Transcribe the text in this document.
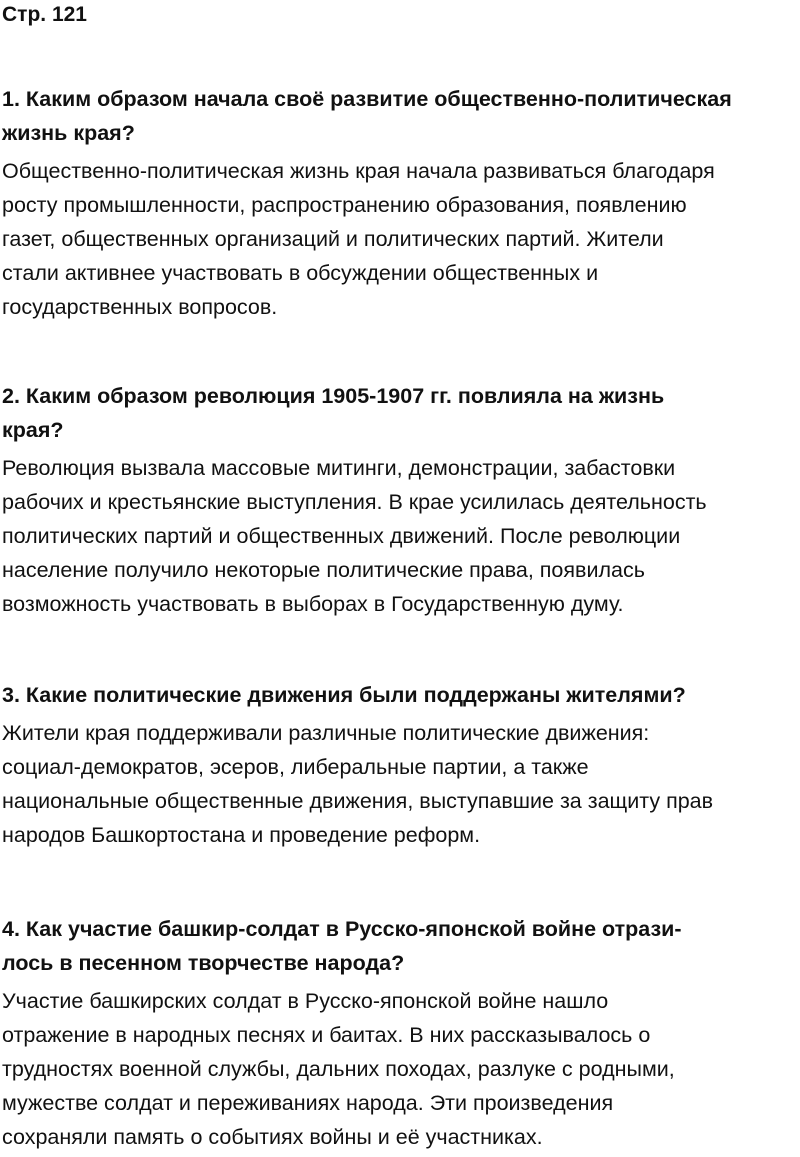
Стр. 121
1. Каким образом начала своё развитие общественно-политическая
жизнь края?
Общественно-политическая жизнь края начала развиваться благодаря
росту промышленности, распространению образования, появлению
газет, общественных организаций и политических партий. Жители
стали активнее участвовать в обсуждении общественных и
государственных вопросов.
2. Каким образом революция 1905-1907 гг. повлияла на жизнь
края?
Революция вызвала массовые митинги, демонстрации, забастовки
рабочих и крестьянские выступления. В крае усилилась деятельность
политических партий и общественных движений. После революции
население получило некоторые политические права, появилась
возможность участвовать в выборах в Государственную думу.
3. Какие политические движения были поддержаны жителями?
Жители края поддерживали различные политические движения:
социал-демократов, эсеров, либеральные партии, а также
национальные общественные движения, выступавшие за защиту прав
народов Башкортостана и проведение реформ.
4. Как участие башкир-солдат в Русско-японской войне отрази-
лось в песенном творчестве народа?
Участие башкирских солдат в Русско-японской войне нашло
отражение в народных песнях и баитах. В них рассказывалось о
трудностях военной службы, дальних походах, разлуке с родными,
мужестве солдат и переживаниях народа. Эти произведения
сохраняли память о событиях войны и её участниках.
